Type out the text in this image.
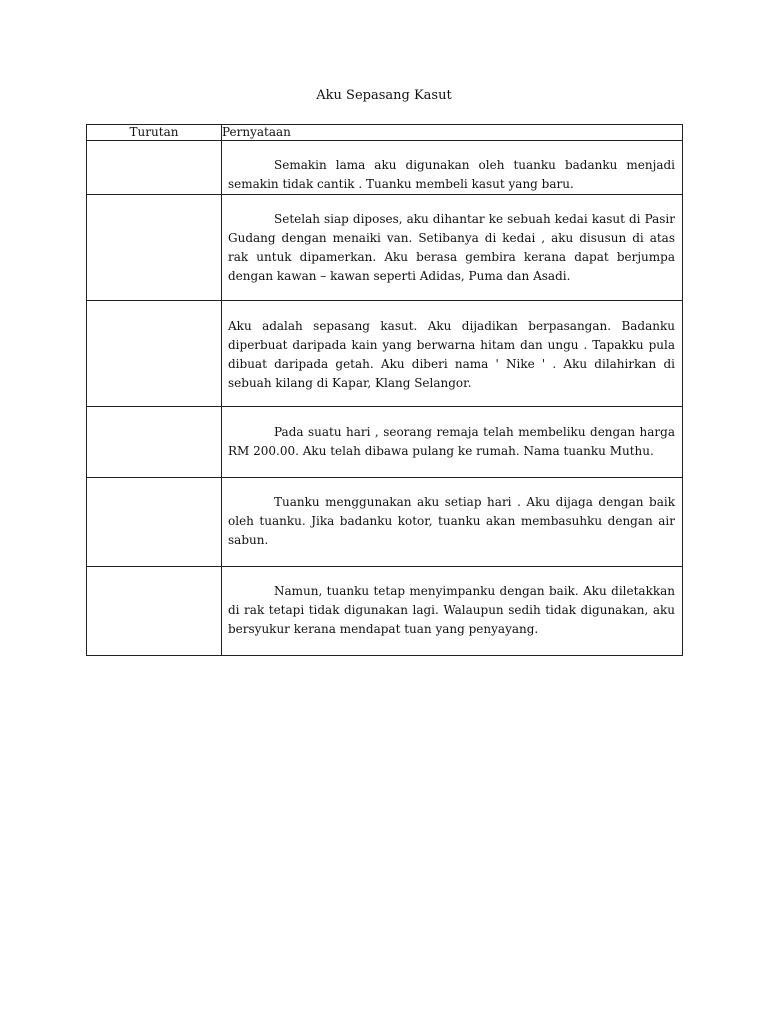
Aku Sepasang Kasut
Turutan	Pernyataan

	Semakin lama aku digunakan oleh tuanku badanku menjadi semakin tidak cantik . Tuanku membeli kasut yang baru.

	Setelah siap diposes, aku dihantar ke sebuah kedai kasut di Pasir Gudang dengan menaiki van. Setibanya di kedai , aku disusun di atas rak untuk dipamerkan. Aku berasa gembira kerana dapat berjumpa dengan kawan – kawan seperti Adidas, Puma dan Asadi.

	Aku adalah sepasang kasut. Aku dijadikan berpasangan. Badanku diperbuat daripada kain yang berwarna hitam dan ungu . Tapakku pula dibuat daripada getah. Aku diberi nama ' Nike ' . Aku dilahirkan di sebuah kilang di Kapar, Klang Selangor.

	Pada suatu hari , seorang remaja telah membeliku dengan harga RM 200.00. Aku telah dibawa pulang ke rumah. Nama tuanku Muthu.

	Tuanku menggunakan aku setiap hari . Aku dijaga dengan baik oleh tuanku. Jika badanku kotor, tuanku akan membasuhku dengan air sabun.

	Namun, tuanku tetap menyimpanku dengan baik. Aku diletakkan di rak tetapi tidak digunakan lagi. Walaupun sedih tidak digunakan, aku bersyukur kerana mendapat tuan yang penyayang.
